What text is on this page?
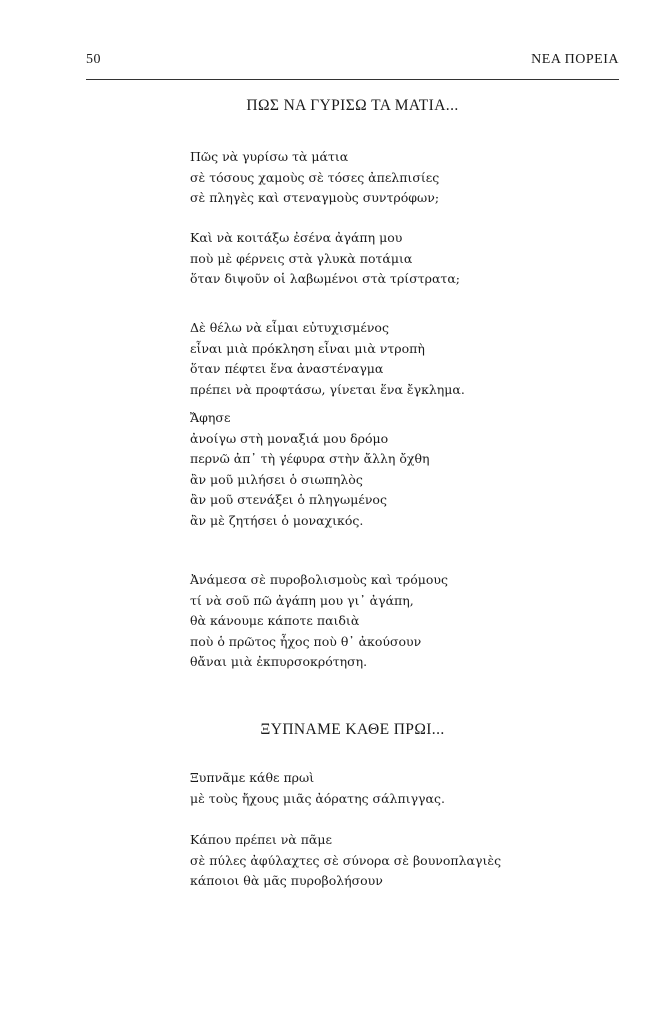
50	ΝΕΑ ΠΟΡΕΙΑ
ΠΩΣ ΝΑ ΓΥΡΙΣΩ ΤΑ ΜΑΤΙΑ...
Πῶς νὰ γυρίσω τὰ μάτια
σὲ τόσους χαμοὺς σὲ τόσες ἀπελπισίες
σὲ πληγὲς καὶ στεναγμοὺς συντρόφων;
Καὶ νὰ κοιτάξω ἐσένα ἀγάπη μου
ποὺ μὲ φέρνεις στὰ γλυκὰ ποτάμια
ὅταν διψοῦν οἱ λαβωμένοι στὰ τρίστρατα;
Δὲ θέλω νὰ εἶμαι εὐτυχισμένος
εἶναι μιὰ πρόκληση εἶναι μιὰ ντροπὴ
ὅταν πέφτει ἕνα ἀναστέναγμα
πρέπει νὰ προφτάσω, γίνεται ἕνα ἔγκλημα.
Ἄφησε
ἀνοίγω στὴ μοναξιά μου δρόμο
περνῶ ἀπ᾿ τὴ γέφυρα στὴν ἄλλη ὄχθη
ἂν μοῦ μιλήσει ὁ σιωπηλὸς
ἂν μοῦ στενάξει ὁ πληγωμένος
ἂν μὲ ζητήσει ὁ μοναχικός.
Ἀνάμεσα σὲ πυροβολισμοὺς καὶ τρόμους
τί νὰ σοῦ πῶ ἀγάπη μου γι᾿ ἀγάπη,
θὰ κάνουμε κάποτε παιδιὰ
ποὺ ὁ πρῶτος ἦχος ποὺ θ᾿ ἀκούσουν
θἄναι μιὰ ἐκπυρσοκρότηση.
ΞΥΠΝΑΜΕ ΚΑΘΕ ΠΡΩΙ...
Ξυπνᾶμε κάθε πρωὶ
μὲ τοὺς ἤχους μιᾶς ἀόρατης σάλπιγγας.
Κάπου πρέπει νὰ πᾶμε
σὲ πύλες ἀφύλαχτες σὲ σύνορα σὲ βουνοπλαγιὲς
κάποιοι θὰ μᾶς πυροβολήσουν
